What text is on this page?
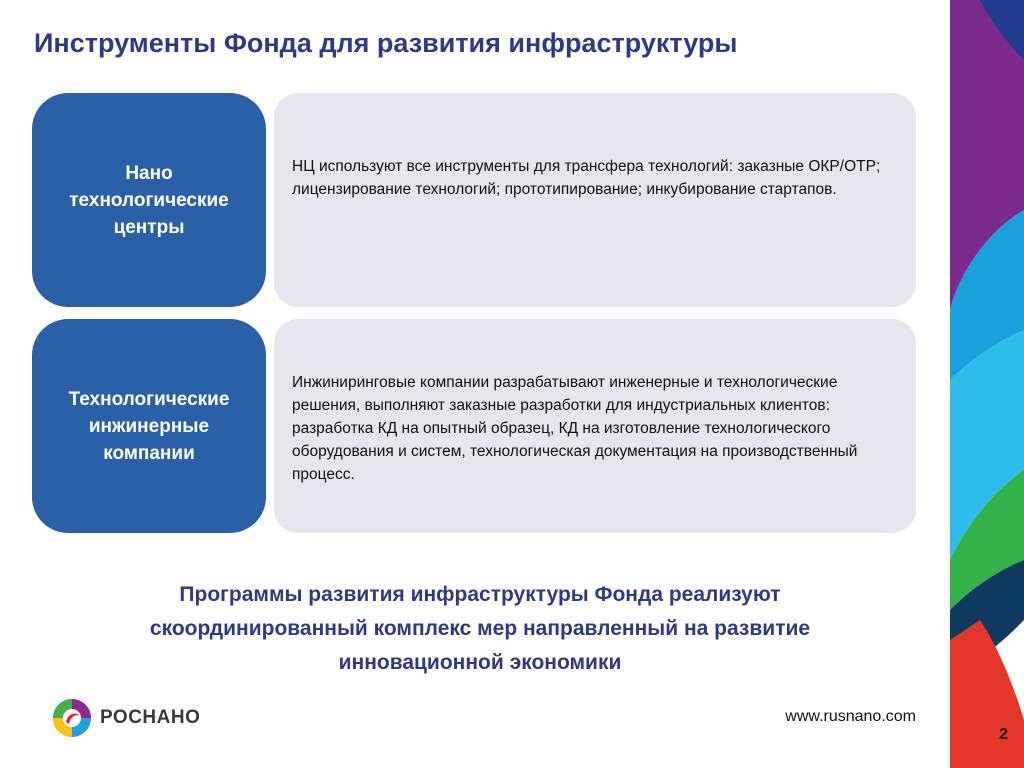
Инструменты Фонда для развития инфраструктуры
Нано
технологические
центры

НЦ используют все инструменты для трансфера технологий: заказные ОКР/OTP; лицензирование технологий; прототипирование; инкубирование стартапов.

Технологические
инжинерные
компании

Инжиниринговые компании разрабатывают инженерные и технологические решения, выполняют заказные разработки для индустриальных клиентов: разработка КД на опытный образец, КД на изготовление технологического оборудования и систем, технологическая документация на производственный процесс.

Программы развития инфраструктуры Фонда реализуют
скоординированный комплекс мер направленный на развитие
инновационной экономики
РОСНАНО	www.rusnano.com
2
